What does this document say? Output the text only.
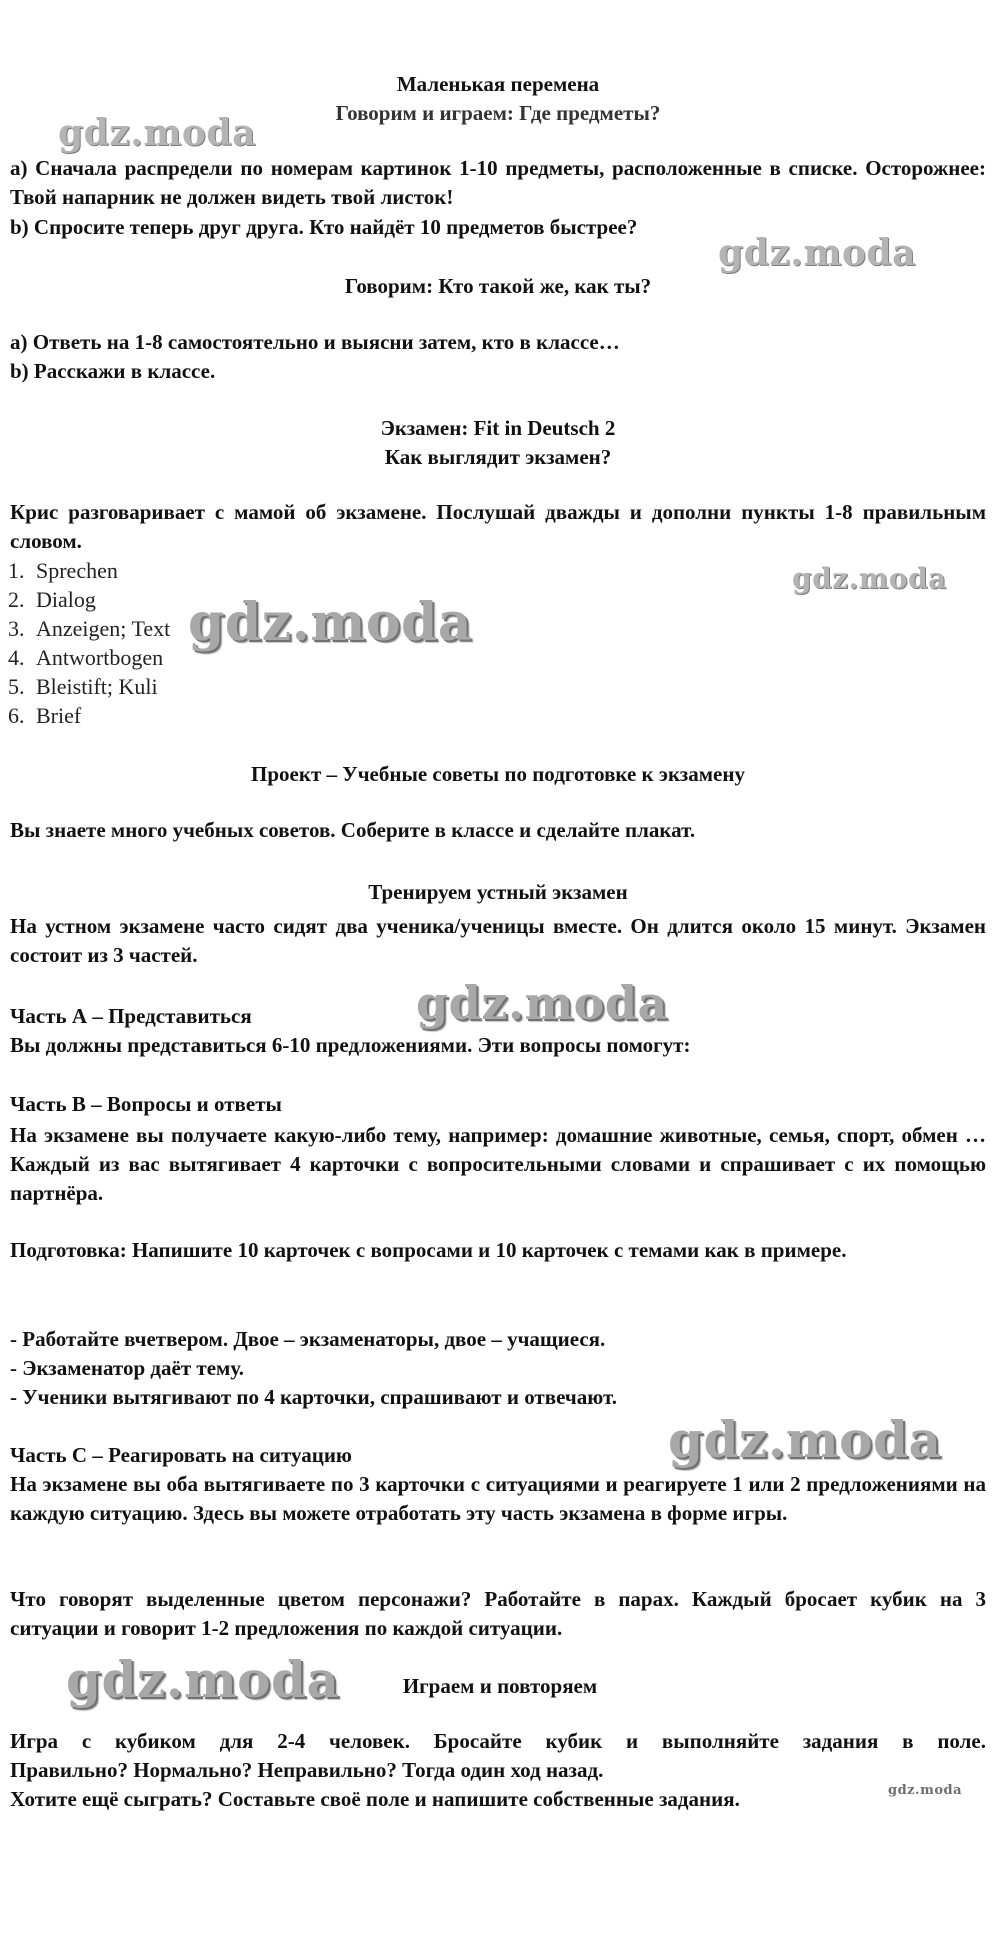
Маленькая перемена
Говорим и играем: Где предметы?
a) Сначала распредели по номерам картинок 1-10 предметы, расположенные в списке. Осторожнее: Твой напарник не должен видеть твой листок!
b) Спросите теперь друг друга. Кто найдёт 10 предметов быстрее?
Говорим: Кто такой же, как ты?
a) Ответь на 1-8 самостоятельно и выясни затем, кто в классе…
b) Расскажи в классе.
Экзамен: Fit in Deutsch 2
Как выглядит экзамен?
Крис разговаривает с мамой об экзамене. Послушай дважды и дополни пункты 1-8 правильным словом.
1. Sprechen
2. Dialog
3. Anzeigen; Text
4. Antwortbogen
5. Bleistift; Kuli
6. Brief
Проект – Учебные советы по подготовке к экзамену
Вы знаете много учебных советов. Соберите в классе и сделайте плакат.
Тренируем устный экзамен
На устном экзамене часто сидят два ученика/ученицы вместе. Он длится около 15 минут. Экзамен состоит из 3 частей.
Часть А – Представиться
Вы должны представиться 6-10 предложениями. Эти вопросы помогут:
Часть B – Вопросы и ответы
На экзамене вы получаете какую-либо тему, например: домашние животные, семья, спорт, обмен … Каждый из вас вытягивает 4 карточки с вопросительными словами и спрашивает с их помощью партнёра.
Подготовка: Напишите 10 карточек с вопросами и 10 карточек с темами как в примере.
- Работайте вчетвером. Двое – экзаменаторы, двое – учащиеся.
- Экзаменатор даёт тему.
- Ученики вытягивают по 4 карточки, спрашивают и отвечают.
Часть C – Реагировать на ситуацию
На экзамене вы оба вытягиваете по 3 карточки с ситуациями и реагируете 1 или 2 предложениями на каждую ситуацию. Здесь вы можете отработать эту часть экзамена в форме игры.
Что говорят выделенные цветом персонажи? Работайте в парах. Каждый бросает кубик на 3 ситуации и говорит 1-2 предложения по каждой ситуации.
Играем и повторяем
Игра с кубиком для 2-4 человек. Бросайте кубик и выполняйте задания в поле.
Правильно? Нормально? Неправильно? Тогда один ход назад.
Хотите ещё сыграть? Составьте своё поле и напишите собственные задания.
gdz.moda
gdz.moda
gdz.moda
gdz.moda
gdz.moda
gdz.moda
gdz.moda
gdz.moda
